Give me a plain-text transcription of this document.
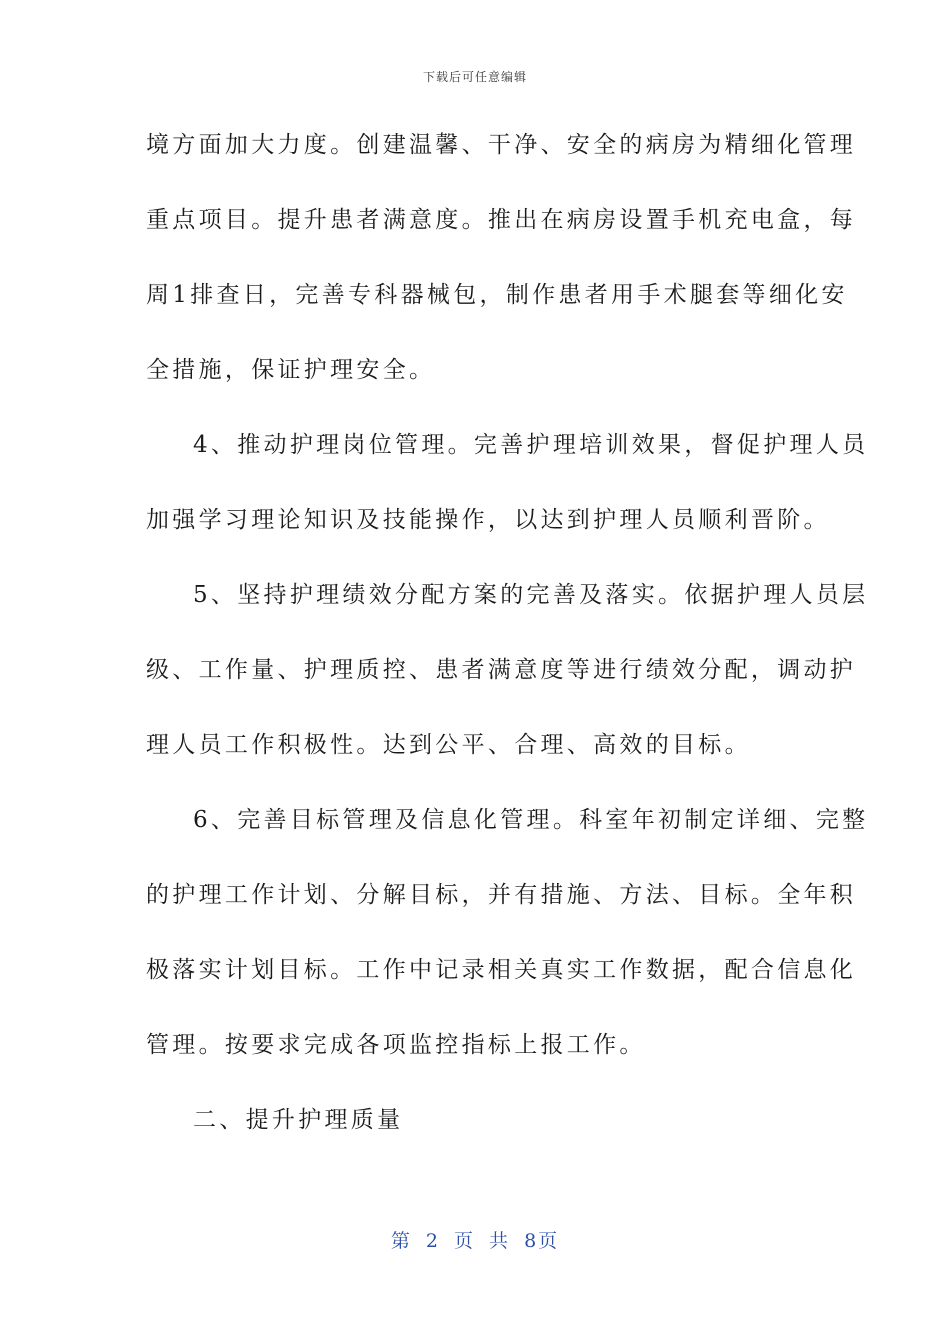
下载后可任意编辑
境方面加大力度。创建温馨、干净、安全的病房为精细化管理
重点项目。提升患者满意度。推出在病房设置手机充电盒，每
周1排查日，完善专科器械包，制作患者用手术腿套等细化安
全措施，保证护理安全。
4、推动护理岗位管理。完善护理培训效果，督促护理人员
加强学习理论知识及技能操作，以达到护理人员顺利晋阶。
5、坚持护理绩效分配方案的完善及落实。依据护理人员层
级、工作量、护理质控、患者满意度等进行绩效分配，调动护
理人员工作积极性。达到公平、合理、高效的目标。
6、完善目标管理及信息化管理。科室年初制定详细、完整
的护理工作计划、分解目标，并有措施、方法、目标。全年积
极落实计划目标。工作中记录相关真实工作数据，配合信息化
管理。按要求完成各项监控指标上报工作。
二、提升护理质量
第 2 页 共 8页
